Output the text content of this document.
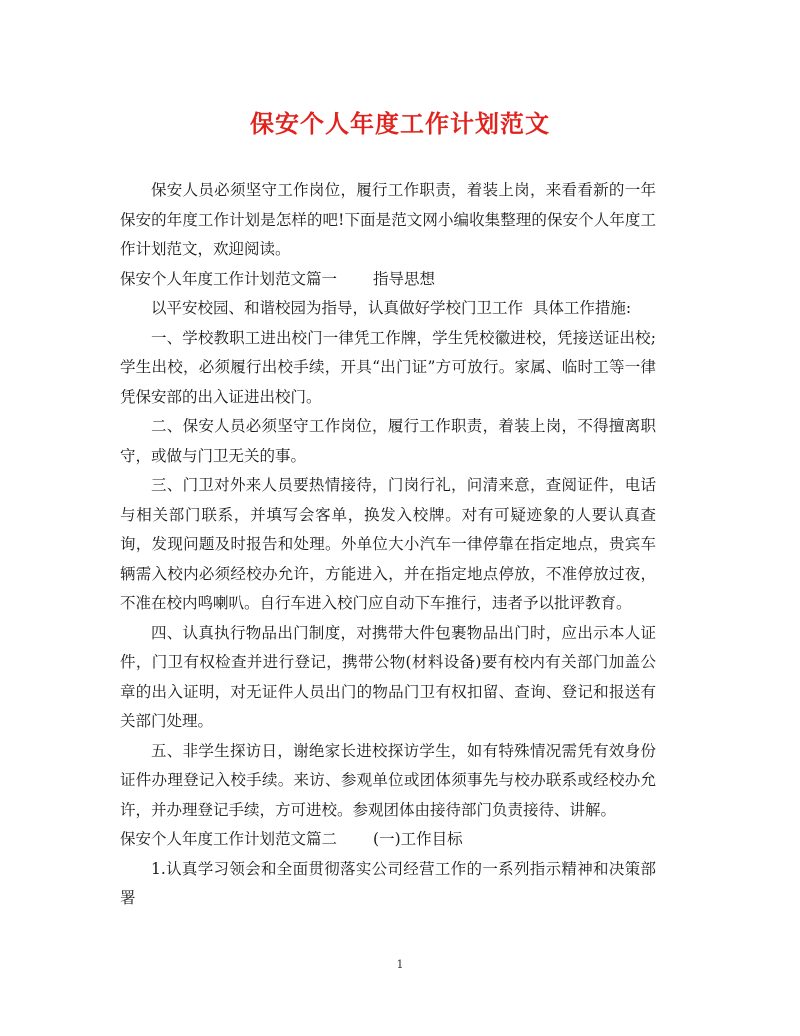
保安个人年度工作计划范文

保安人员必须坚守工作岗位，履行工作职责，着装上岗，来看看新的一年保安的年度工作计划是怎样的吧!下面是范文网小编收集整理的保安个人年度工作计划范文，欢迎阅读。

保安个人年度工作计划范文篇一 指导思想

以平安校园、和谐校园为指导，认真做好学校门卫工作  具体工作措施:

一、学校教职工进出校门一律凭工作牌，学生凭校徽进校，凭接送证出校;学生出校，必须履行出校手续，开具“出门证”方可放行。家属、临时工等一律凭保安部的出入证进出校门。

二、保安人员必须坚守工作岗位，履行工作职责，着装上岗，不得擅离职守，或做与门卫无关的事。

三、门卫对外来人员要热情接待，门岗行礼，问清来意，查阅证件，电话与相关部门联系，并填写会客单，换发入校牌。对有可疑迹象的人要认真查询，发现问题及时报告和处理。外单位大小汽车一律停靠在指定地点，贵宾车辆需入校内必须经校办允许，方能进入，并在指定地点停放，不准停放过夜，不准在校内鸣喇叭。自行车进入校门应自动下车推行，违者予以批评教育。

四、认真执行物品出门制度，对携带大件包裹物品出门时，应出示本人证件，门卫有权检查并进行登记，携带公物(材料设备)要有校内有关部门加盖公章的出入证明，对无证件人员出门的物品门卫有权扣留、查询、登记和报送有关部门处理。

五、非学生探访日，谢绝家长进校探访学生，如有特殊情况需凭有效身份证件办理登记入校手续。来访、参观单位或团体须事先与校办联系或经校办允许，并办理登记手续，方可进校。参观团体由接待部门负责接待、讲解。

保安个人年度工作计划范文篇二 (一)工作目标

1.认真学习领会和全面贯彻落实公司经营工作的一系列指示精神和决策部署

1
